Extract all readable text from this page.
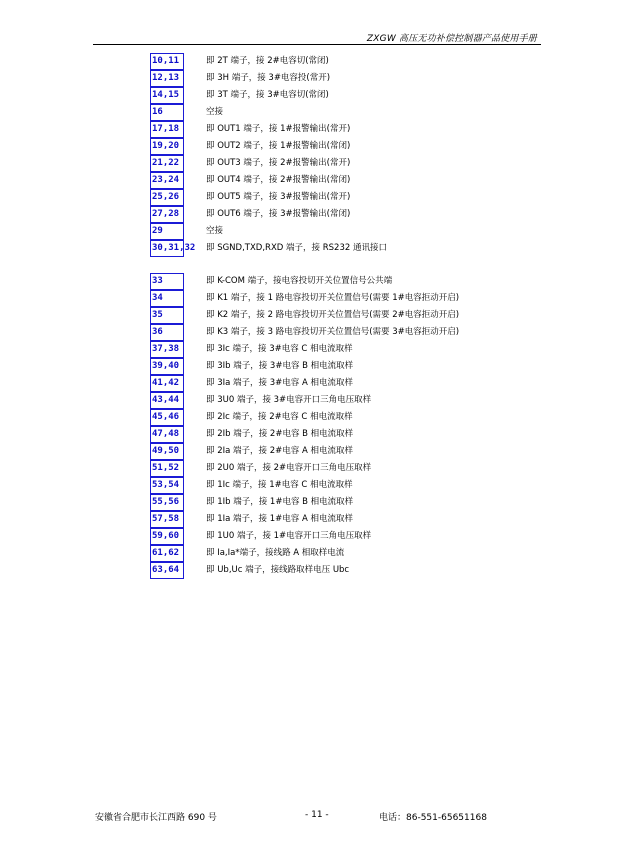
ZXGW 高压无功补偿控制器产品使用手册
10,11	即 2T 端子，接 2#电容切(常闭)
12,13	即 3H 端子，接 3#电容投(常开)
14,15	即 3T 端子，接 3#电容切(常闭)
16	空接
17,18	即 OUT1 端子，接 1#报警输出(常开)
19,20	即 OUT2 端子，接 1#报警输出(常闭)
21,22	即 OUT3 端子，接 2#报警输出(常开)
23,24	即 OUT4 端子，接 2#报警输出(常闭)
25,26	即 OUT5 端子，接 3#报警输出(常开)
27,28	即 OUT6 端子，接 3#报警输出(常闭)
29	空接
30,31,32 即 SGND,TXD,RXD 端子，接 RS232 通讯接口
33	即 K-COM 端子，接电容投切开关位置信号公共端
34	即 K1 端子，接 1 路电容投切开关位置信号(需要 1#电容拒动开启)
35	即 K2 端子，接 2 路电容投切开关位置信号(需要 2#电容拒动开启)
36	即 K3 端子，接 3 路电容投切开关位置信号(需要 3#电容拒动开启)
37,38	即 3Ic 端子，接 3#电容 C 相电流取样
39,40	即 3Ib 端子，接 3#电容 B 相电流取样
41,42	即 3Ia 端子，接 3#电容 A 相电流取样
43,44	即 3U0 端子，接 3#电容开口三角电压取样
45,46	即 2Ic 端子，接 2#电容 C 相电流取样
47,48	即 2Ib 端子，接 2#电容 B 相电流取样
49,50	即 2Ia 端子，接 2#电容 A 相电流取样
51,52	即 2U0 端子，接 2#电容开口三角电压取样
53,54	即 1Ic 端子，接 1#电容 C 相电流取样
55,56	即 1Ib 端子，接 1#电容 B 相电流取样
57,58	即 1Ia 端子，接 1#电容 A 相电流取样
59,60	即 1U0 端子，接 1#电容开口三角电压取样
61,62	即 Ia,Ia*端子，接线路 A 相取样电流
63,64	即 Ub,Uc 端子，接线路取样电压 Ubc
安徽省合肥市长江西路 690 号	- 11 -	电话：86-551-65651168
